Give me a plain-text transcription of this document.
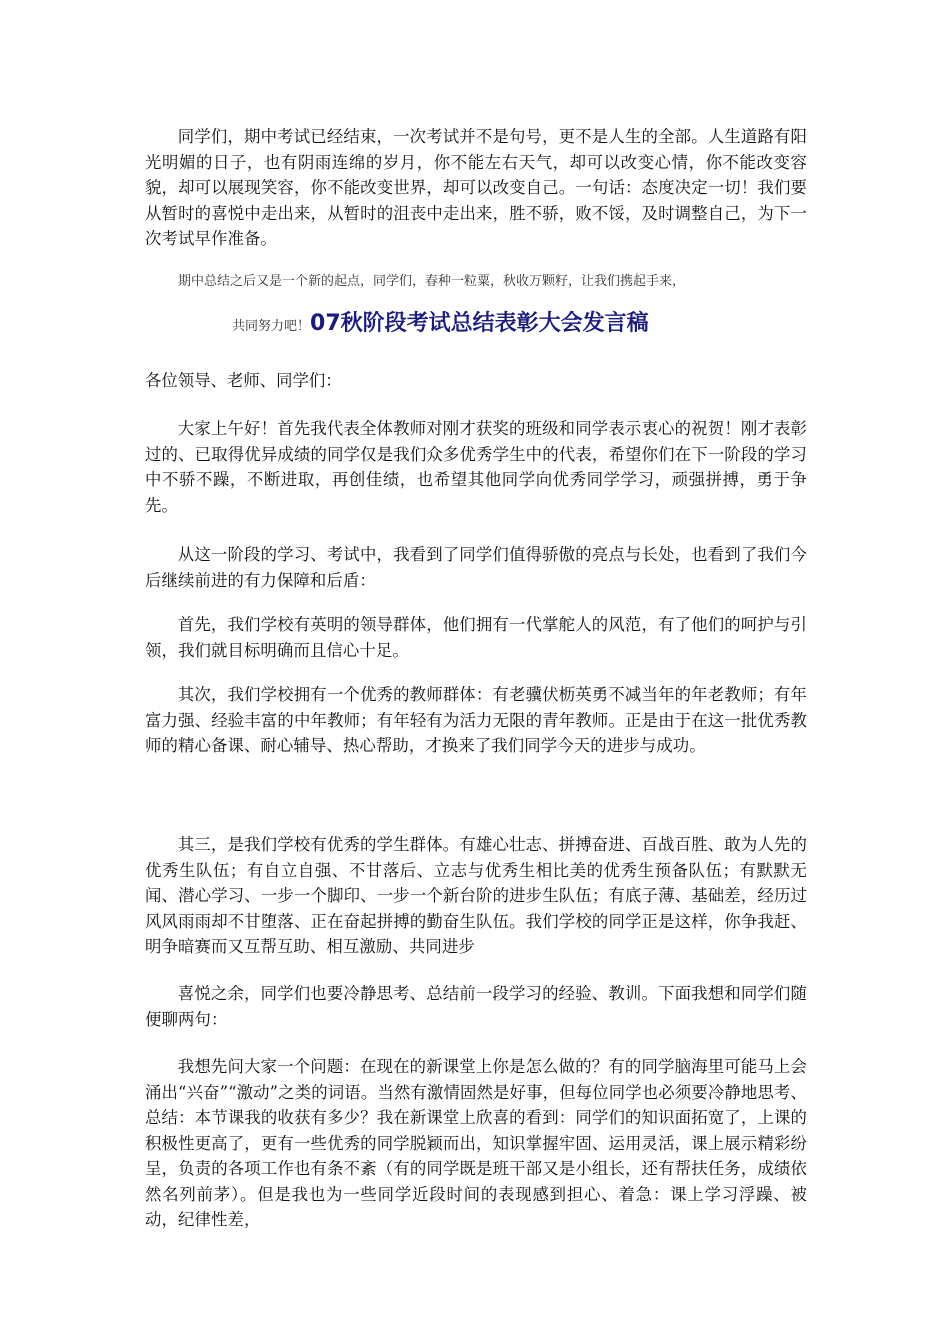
同学们，期中考试已经结束，一次考试并不是句号，更不是人生的全部。人生道路有阳光明媚的日子，也有阴雨连绵的岁月，你不能左右天气，却可以改变心情，你不能改变容貌，却可以展现笑容，你不能改变世界，却可以改变自己。一句话：态度决定一切！我们要从暂时的喜悦中走出来，从暂时的沮丧中走出来，胜不骄，败不馁，及时调整自己，为下一次考试早作准备。

期中总结之后又是一个新的起点，同学们，春种一粒粟，秋收万颗籽，让我们携起手来，

共同努力吧！07秋阶段考试总结表彰大会发言稿

各位领导、老师、同学们：

大家上午好！首先我代表全体教师对刚才获奖的班级和同学表示衷心的祝贺！刚才表彰过的、已取得优异成绩的同学仅是我们众多优秀学生中的代表，希望你们在下一阶段的学习中不骄不躁，不断进取，再创佳绩，也希望其他同学向优秀同学学习，顽强拼搏，勇于争先。

从这一阶段的学习、考试中，我看到了同学们值得骄傲的亮点与长处，也看到了我们今后继续前进的有力保障和后盾：

首先，我们学校有英明的领导群体，他们拥有一代掌舵人的风范，有了他们的呵护与引领，我们就目标明确而且信心十足。

其次，我们学校拥有一个优秀的教师群体：有老骥伏枥英勇不减当年的年老教师；有年富力强、经验丰富的中年教师；有年轻有为活力无限的青年教师。正是由于在这一批优秀教师的精心备课、耐心辅导、热心帮助，才换来了我们同学今天的进步与成功。

其三，是我们学校有优秀的学生群体。有雄心壮志、拼搏奋进、百战百胜、敢为人先的优秀生队伍；有自立自强、不甘落后、立志与优秀生相比美的优秀生预备队伍；有默默无闻、潜心学习、一步一个脚印、一步一个新台阶的进步生队伍；有底子薄、基础差，经历过风风雨雨却不甘堕落、正在奋起拼搏的勤奋生队伍。我们学校的同学正是这样，你争我赶、明争暗赛而又互帮互助、相互激励、共同进步

喜悦之余，同学们也要冷静思考、总结前一段学习的经验、教训。下面我想和同学们随便聊两句：

我想先问大家一个问题：在现在的新课堂上你是怎么做的？有的同学脑海里可能马上会涌出“兴奋”“激动”之类的词语。当然有激情固然是好事，但每位同学也必须要冷静地思考、总结：本节课我的收获有多少？我在新课堂上欣喜的看到：同学们的知识面拓宽了，上课的积极性更高了，更有一些优秀的同学脱颖而出，知识掌握牢固、运用灵活，课上展示精彩纷呈，负责的各项工作也有条不紊（有的同学既是班干部又是小组长，还有帮扶任务，成绩依然名列前茅）。但是我也为一些同学近段时间的表现感到担心、着急：课上学习浮躁、被动，纪律性差，
